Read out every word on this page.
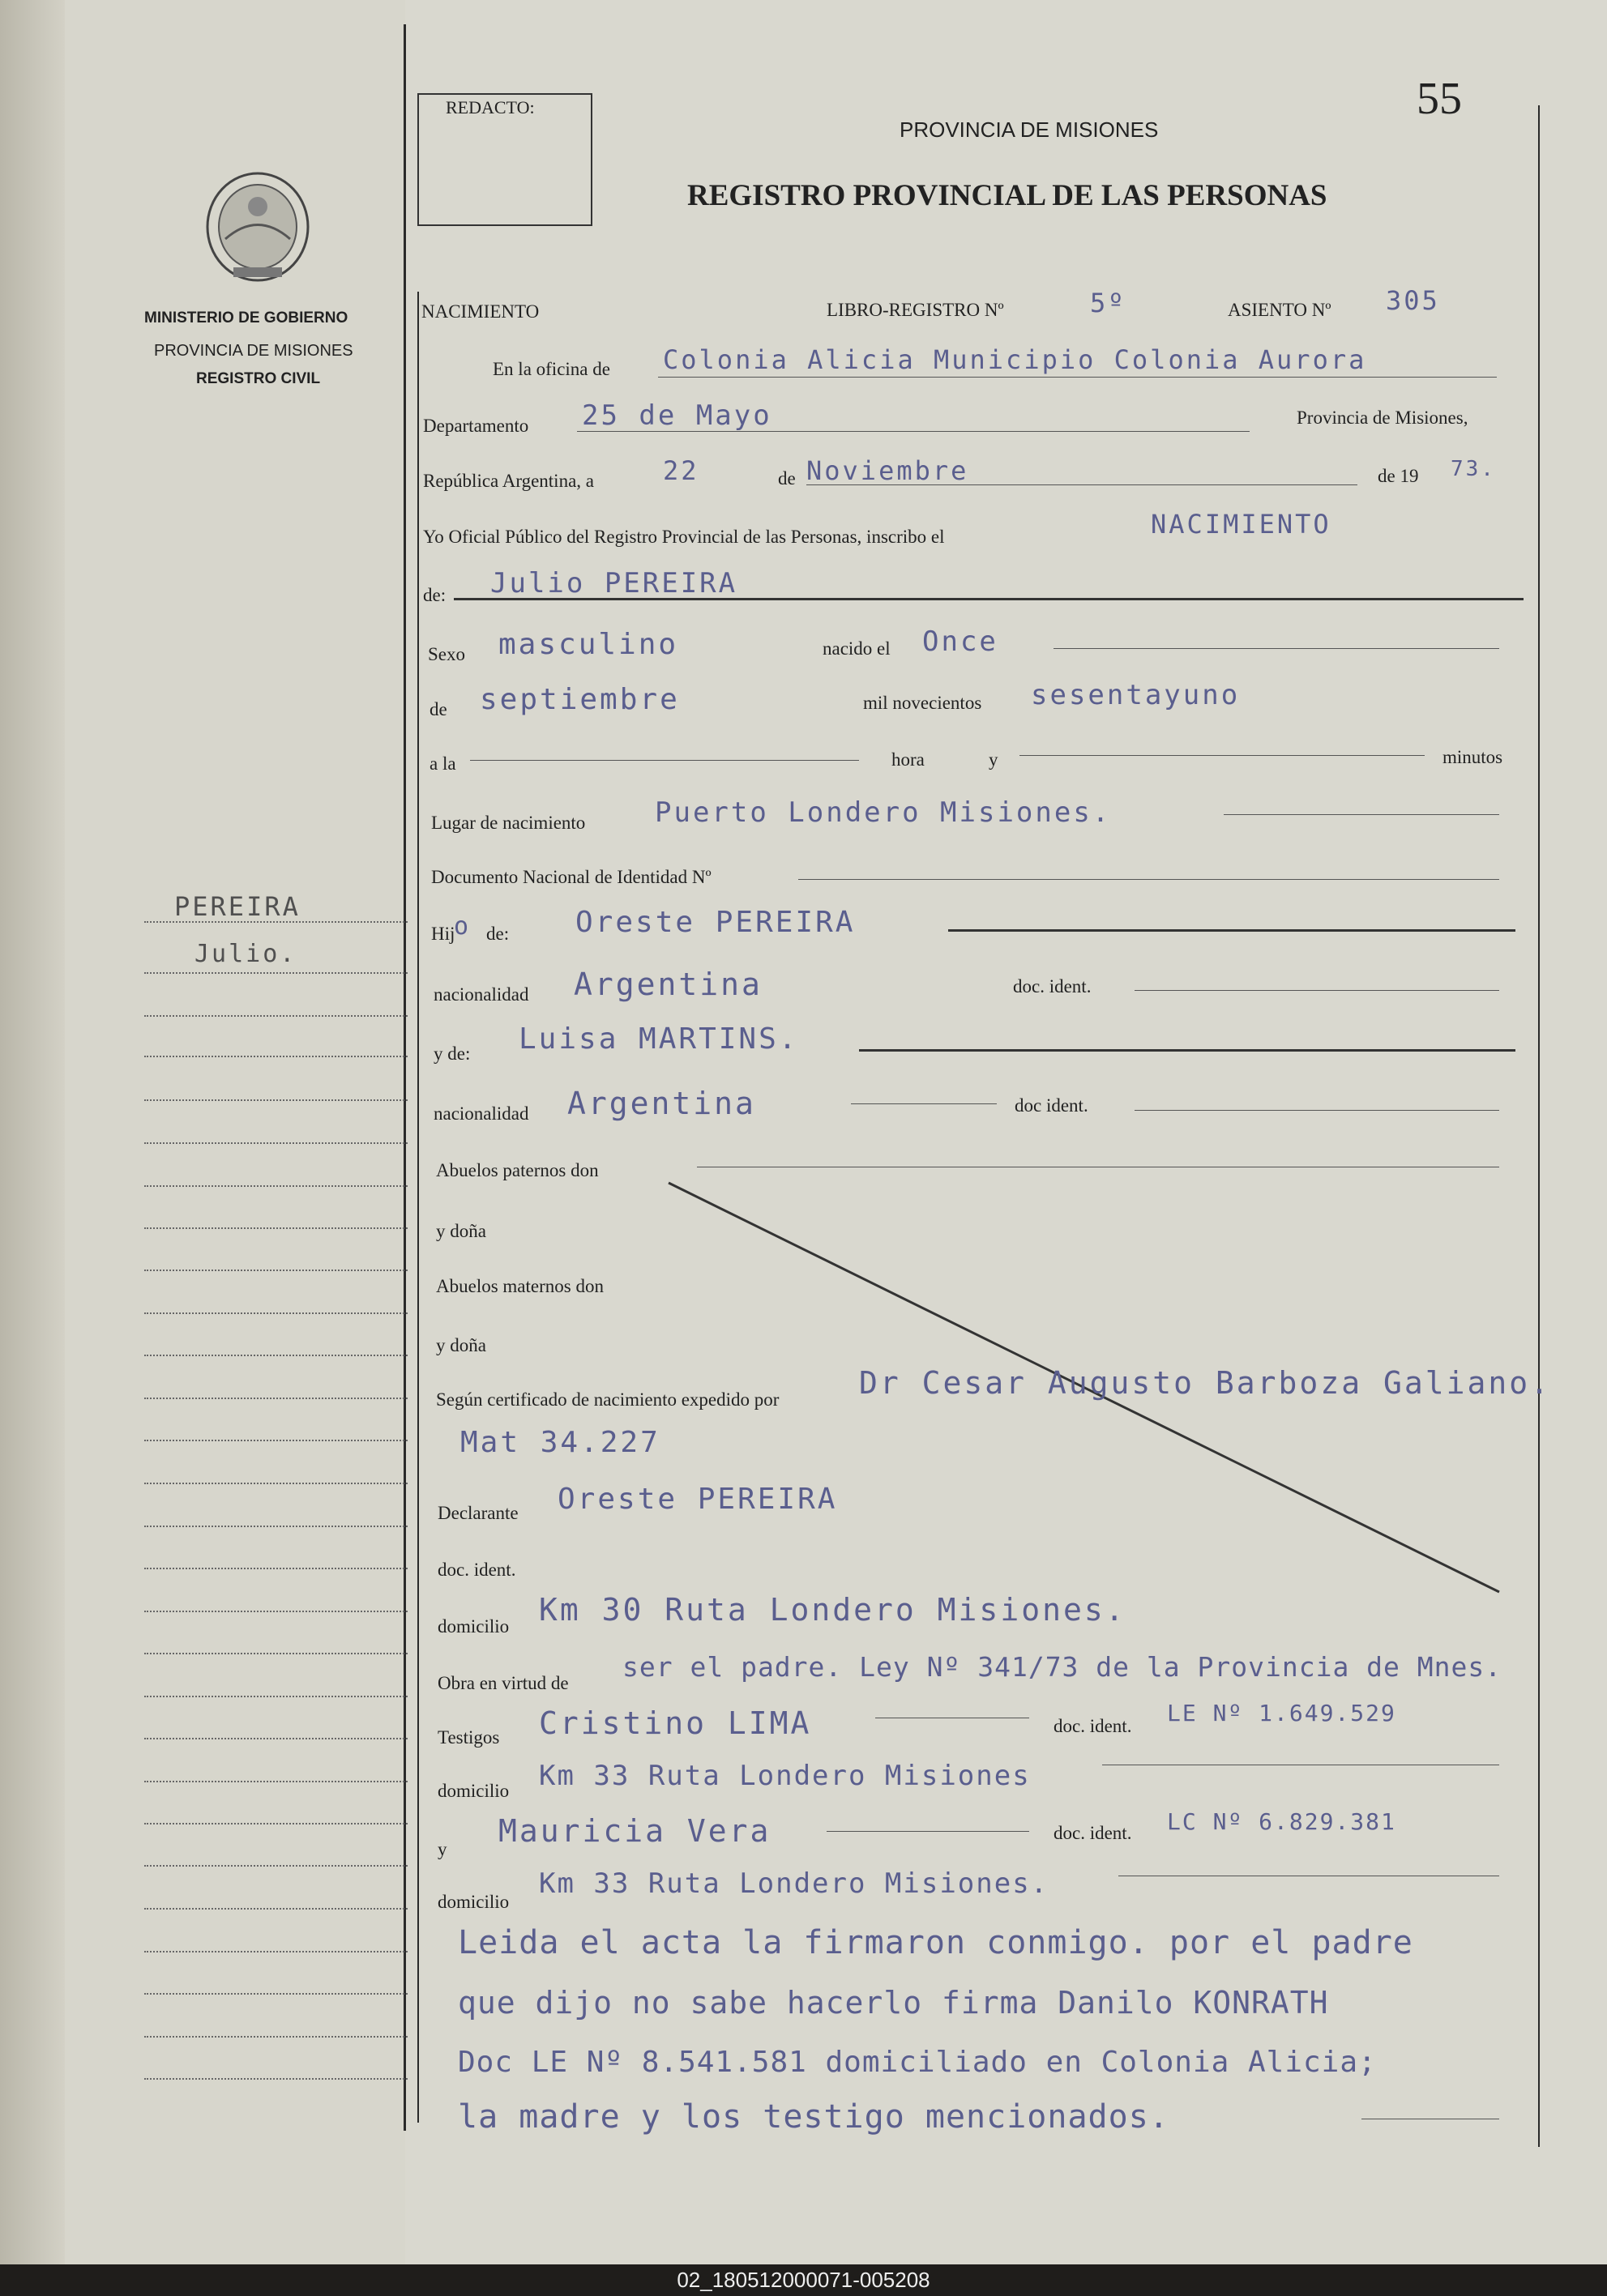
MINISTERIO DE GOBIERNO
PROVINCIA DE MISIONES
REGISTRO CIVIL
REDACTO:	55
PROVINCIA DE MISIONES
REGISTRO PROVINCIAL DE LAS PERSONAS
PEREIRA
Julio.
NACIMIENTO	LIBRO-REGISTRO Nº	5º	ASIENTO Nº 305
En la oficina de Colonia Alicia Municipio Colonia Aurora
Departamento 25 de Mayo	Provincia de Misiones,
República Argentina, a	22	de Noviembre	de 19 73.
Yo Oficial Público del Registro Provincial de las Personas, inscribo el	NACIMIENTO
de: Julio PEREIRA
Sexo masculino	nacido el Once
de septiembre	mil novecientos sesentayuno
a la	hora	y	minutos
Lugar de nacimiento	Puerto Londero Misiones.
Documento Nacional de Identidad Nº
Hij
o de: Oreste PEREIRA
nacionalidad Argentina	doc. ident.
y de: Luisa MARTINS.
nacionalidad Argentina	doc ident.
Abuelos paternos don
y doña
Abuelos maternos don
y doña
Según certificado de nacimiento expedido por	Dr Cesar Augusto Barboza Galiano.
Mat 34.227
Declarante Oreste PEREIRA
doc. ident.
domicilio Km 30 Ruta Londero Misiones.
Obra en virtud de
ser el padre. Ley Nº 341/73 de la Provincia de Mnes.
Testigos Cristino LIMA	doc. ident. LE Nº 1.649.529
domicilio Km 33 Ruta Londero Misiones
y
Mauricia Vera	doc. ident. LC Nº 6.829.381
domicilio
Km 33 Ruta Londero Misiones.
Leida el acta la firmaron conmigo. por el padre
que dijo no sabe hacerlo firma Danilo KONRATH
Doc LE Nº 8.541.581 domiciliado en Colonia Alicia;
la madre y los testigo mencionados.
02_180512000071-005208
